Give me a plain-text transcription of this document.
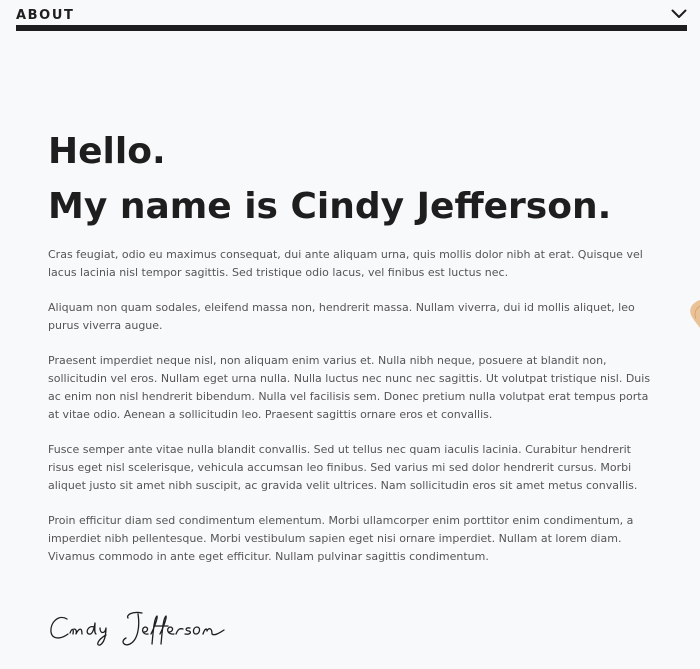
ABOUT
Hello.
My name is Cindy Jefferson.

Cras feugiat, odio eu maximus consequat, dui ante aliquam urna, quis mollis dolor nibh at erat. Quisque vel lacus lacinia nisl tempor sagittis. Sed tristique odio lacus, vel finibus est luctus nec.

Aliquam non quam sodales, eleifend massa non, hendrerit massa. Nullam viverra, dui id mollis aliquet, leo purus viverra augue.

Praesent imperdiet neque nisl, non aliquam enim varius et. Nulla nibh neque, posuere at blandit non, sollicitudin vel eros. Nullam eget urna nulla. Nulla luctus nec nunc nec sagittis. Ut volutpat tristique nisl. Duis ac enim non nisl hendrerit bibendum. Nulla vel facilisis sem. Donec pretium nulla volutpat erat tempus porta at vitae odio. Aenean a sollicitudin leo. Praesent sagittis ornare eros et convallis.

Fusce semper ante vitae nulla blandit convallis. Sed ut tellus nec quam iaculis lacinia. Curabitur hendrerit risus eget nisl scelerisque, vehicula accumsan leo finibus. Sed varius mi sed dolor hendrerit cursus. Morbi aliquet justo sit amet nibh suscipit, ac gravida velit ultrices. Nam sollicitudin eros sit amet metus convallis.

Proin efficitur diam sed condimentum elementum. Morbi ullamcorper enim porttitor enim condimentum, a imperdiet nibh pellentesque. Morbi vestibulum sapien eget nisi ornare imperdiet. Nullam at lorem diam. Vivamus commodo in ante eget efficitur. Nullam pulvinar sagittis condimentum.
